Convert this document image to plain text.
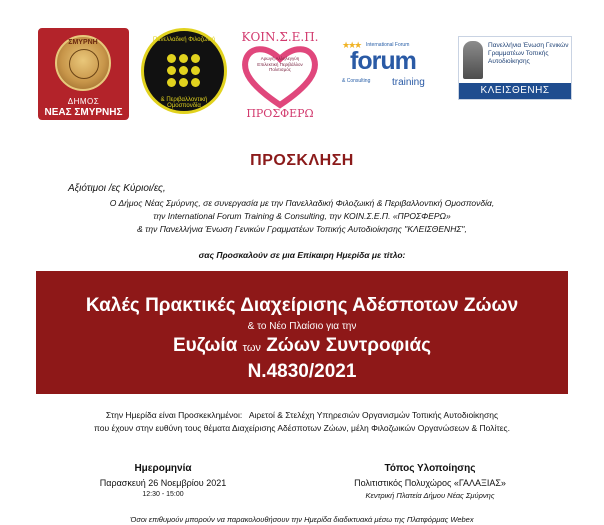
ΣΜΥΡΝΗ
ΔΗΜΟΣ
ΝΕΑΣ ΣΜΥΡΝΗΣ
Πανελλαδική Φιλοζωική
& Περιβαλλοντική Ομοσπονδία
ΚΟΙΝ.Σ.Ε.Π.
Αρωγή Αλληλεγγύη Επιλεκτική Περιβάλλον Πολιτισμός
ΠΡΟΣΦΕΡΩ
★★★ International Forum
forum
& Consulting training
Πανελλήνια Ένωση Γενικών Γραμματέων Τοπικής Αυτοδιοίκησης
ΚΛΕΙΣΘΕΝΗΣ
ΠΡΟΣΚΛΗΣΗ
Αξιότιμοι /ες Κύριοι/ες,
Ο Δήμος Νέας Σμύρνης, σε συνεργασία με την Πανελλαδική Φιλοζωική & Περιβαλλοντική Ομοσπονδία,
την International Forum Training & Consulting, την ΚΟΙΝ.Σ.Ε.Π. «ΠΡΟΣΦΕΡΩ»
& την Πανελλήνια Ένωση Γενικών Γραμματέων Τοπικής Αυτοδιοίκησης "ΚΛΕΙΣΘΕΝΗΣ",
σας Προσκαλούν σε μια Επίκαιρη Ημερίδα με τίτλο:
Καλές Πρακτικές Διαχείρισης Αδέσποτων Ζώων
& το Νέο Πλαίσιο για την
Ευζωία των Ζώων Συντροφιάς
Ν.4830/2021
Στην Ημερίδα είναι Προσκεκλημένοι: Αιρετοί & Στελέχη Υπηρεσιών Οργανισμών Τοπικής Αυτοδιοίκησης
που έχουν στην ευθύνη τους θέματα Διαχείρισης Αδέσποτων Ζώων, μέλη Φιλοζωικών Οργανώσεων & Πολίτες.
Ημερομηνία
Παρασκευή 26 Νοεμβρίου 2021
12:30 - 15:00
Τόπος Υλοποίησης
Πολιτιστικός Πολυχώρος «ΓΑΛΑΞΙΑΣ»
Κεντρική Πλατεία Δήμου Νέας Σμύρνης
Όσοι επιθυμούν μπορούν να παρακολουθήσουν την Ημερίδα διαδικτυακά μέσω της Πλατφόρμας Webex
